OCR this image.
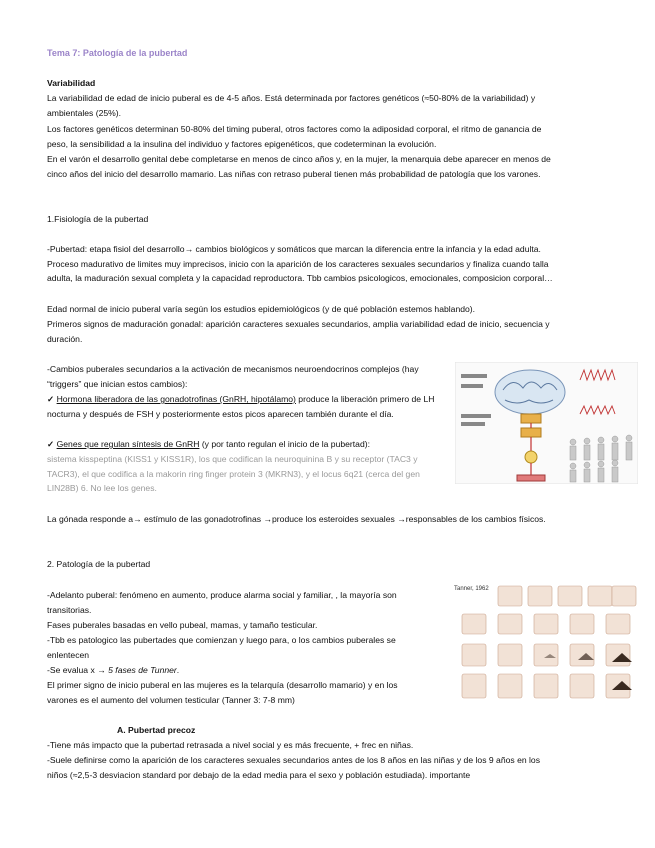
Tema 7: Patología de la pubertad

Variabilidad

La variabilidad de edad de inicio puberal es de 4-5 años. Está determinada por factores genéticos (≈50-80% de la variabilidad) y ambientales (25%).

Los factores genéticos determinan 50-80% del timing puberal, otros factores como la adiposidad corporal, el ritmo de ganancia de peso, la sensibilidad a la insulina del individuo y factores epigenéticos, que codeterminan la evolución.

En el varón el desarrollo genital debe completarse en menos de cinco años y, en la mujer, la menarquia debe aparecer en menos de cinco años del inicio del desarrollo mamario. Las niñas con retraso puberal tienen más probabilidad de patología que los varones.

1.Fisiología de la pubertad

-Pubertad: etapa fisiol del desarrollo→ cambios biológicos y somáticos que marcan la diferencia entre la infancia y la edad adulta. Proceso madurativo de limites muy imprecisos, inicio con la aparición de los caracteres sexuales secundarios y finaliza cuando talla adulta, la maduración sexual completa y la capacidad reproductora. Tbb cambios psicologicos, emocionales, composicion corporal…

Edad normal de inicio puberal varía según los estudios epidemiológicos (y de qué población estemos hablando).

Primeros signos de maduración gonadal: aparición caracteres sexuales secundarios, amplia variabilidad edad de inicio, secuencia y duración.

-Cambios puberales secundarios a la activación de mecanismos neuroendocrinos complejos (hay “triggers” que inician estos cambios):

✓ Hormona liberadora de las gonadotrofinas (GnRH, hipotálamo) produce la liberación primero de LH nocturna y después de FSH y posteriormente estos picos aparecen también durante el día.

✓ Genes que regulan síntesis de GnRH (y por tanto regulan el inicio de la pubertad):

sistema kisspeptina (KISS1 y KISS1R), los que codifican la neuroquinina B y su receptor (TAC3 y TACR3), el que codifica a la makorin ring finger protein 3 (MKRN3), y el locus 6q21 (cerca del gen LIN28B) 6. No lee los genes.

La gónada responde a→ estímulo de las gonadotrofinas →produce los esteroides sexuales →responsables de los cambios físicos.

2. Patología de la pubertad

-Adelanto puberal: fenómeno en aumento, produce alarma social y familiar, , la mayoría son transitorias.

Fases puberales basadas en vello pubeal, mamas, y tamaño testicular.

-Tbb es patologico las pubertades que comienzan y luego para, o los cambios puberales se enlentecen

-Se evalua x → 5 fases de Tunner.

El primer signo de inicio puberal en las mujeres es la telarquía (desarrollo mamario) y en los varones es el aumento del volumen testicular (Tanner 3: 7-8 mm)

A. Pubertad precoz

-Tiene más impacto que la pubertad retrasada a nivel social y es más frecuente, + frec en niñas.

-Suele definirse como la aparición de los caracteres sexuales secundarios antes de los 8 años en las niñas y de los 9 años en los niños (≈2,5-3 desviacion standard por debajo de la edad media para el sexo y población estudiada). importante

Tanner, 1962
